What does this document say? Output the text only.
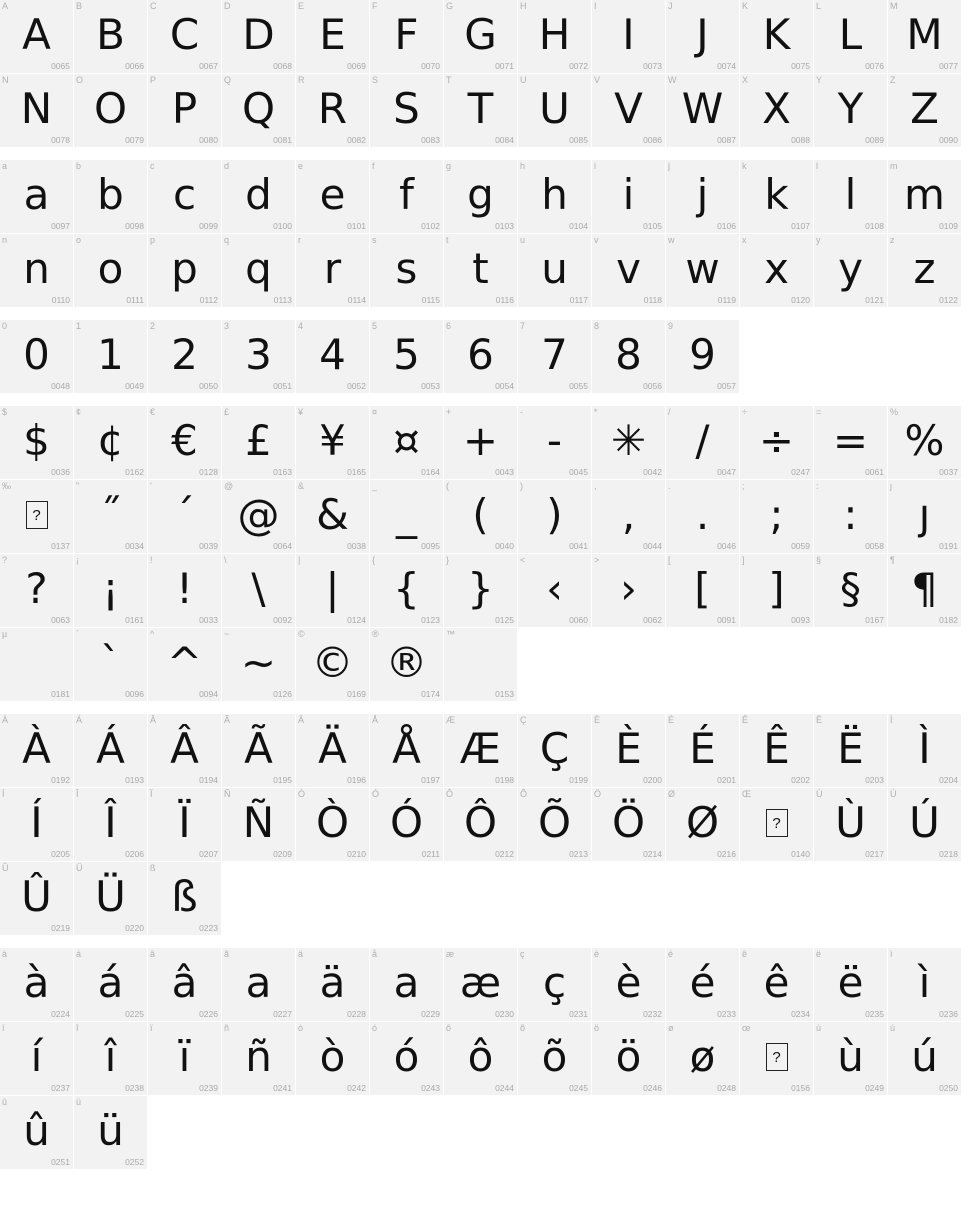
A
A
0065
B
B
0066
C
C
0067
D
D
0068
E
E
0069
F
F
0070
G
G
0071
H
H
0072
I
I
0073
J
J
0074
K
K
0075
L
L
0076
M
M
0077
N
N
0078
O
O
0079
P
P
0080
Q
Q
0081
R
R
0082
S
S
0083
T
T
0084
U
U
0085
V
V
0086
W
W
0087
X
X
0088
Y
Y
0089
Z
Z
0090
a
a
0097
b
b
0098
c
c
0099
d
d
0100
e
e
0101
f
f
0102
g
g
0103
h
h
0104
i
i
0105
j
j
0106
k
k
0107
l
l
0108
m
m
0109
n
n
0110
o
o
0111
p
p
0112
q
q
0113
r
r
0114
s
s
0115
t
t
0116
u
u
0117
v
v
0118
w
w
0119
x
x
0120
y
y
0121
z
z
0122
0
0
0048
1
1
0049
2
2
0050
3
3
0051
4
4
0052
5
5
0053
6
6
0054
7
7
0055
8
8
0056
9
9
0057
$
$
0036
¢
¢
0162
€
€
0128
£
£
0163
¥
¥
0165
¤
¤
0164
+
+
0043
-
-
0045
*
✳
0042
/
/
0047
÷
÷
0247
=
=
0061
%
%
0037
‰
0137
"
˝
0034
'
´
0039
@
@
0064
&
&
0038
_
_
0095
(
(
0040
)
)
0041
,
,
0044
.
.
0046
;
;
0059
:
:
0058
ȷ
ȷ
0191
?
?
0063
¡
¡
0161
!
!
0033
\
\
0092
|
|
0124
{
{
0123
}
}
0125
<
‹
0060
>
›
0062
[
[
0091
]
]
0093
§
§
0167
¶
¶
0182
µ
0181
`
`
0096
^
^
0094
~
~
0126
©
©
0169
®
®
0174
™
0153
À
À
0192
Á
Á
0193
Â
Â
0194
Ã
Ã
0195
Ä
Ä
0196
Å
Å
0197
Æ
Æ
0198
Ç
Ç
0199
È
È
0200
É
É
0201
Ê
Ê
0202
Ë
Ë
0203
Ì
Ì
0204
Í
Í
0205
Î
Î
0206
Ï
Ï
0207
Ñ
Ñ
0209
Ò
Ò
0210
Ó
Ó
0211
Ô
Ô
0212
Õ
Õ
0213
Ö
Ö
0214
Ø
Ø
0216
Œ
0140
Ù
Ù
0217
Ú
Ú
0218
Û
Û
0219
Ü
Ü
0220
ß
ß
0223
à
à
0224
á
á
0225
â
â
0226
ã
a
0227
ä
ä
0228
å
a
0229
æ
æ
0230
ç
ç
0231
è
è
0232
é
é
0233
ê
ê
0234
ë
ë
0235
ì
ì
0236
í
í
0237
î
î
0238
ï
ï
0239
ñ
ñ
0241
ò
ò
0242
ó
ó
0243
ô
ô
0244
õ
õ
0245
ö
ö
0246
ø
ø
0248
œ
0156
ù
ù
0249
ú
ú
0250
û
û
0251
ü
ü
0252
